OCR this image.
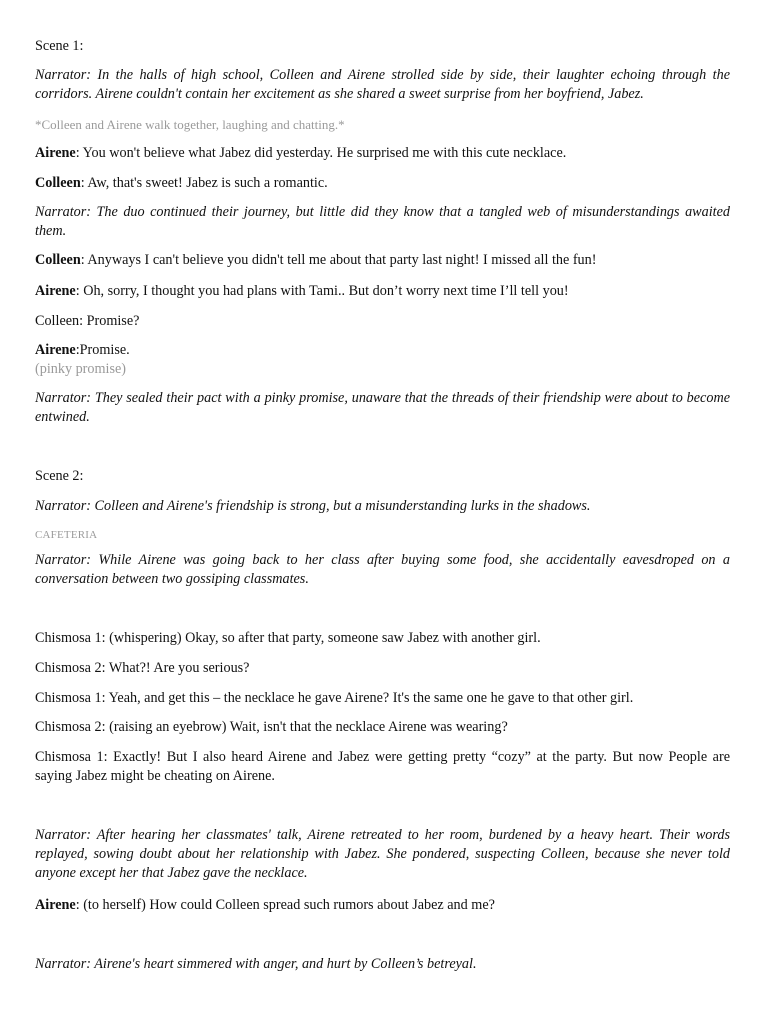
Scene 1:

Narrator: In the halls of high school, Colleen and Airene strolled side by side, their laughter echoing through the corridors. Airene couldn't contain her excitement as she shared a sweet surprise from her boyfriend, Jabez.

*Colleen and Airene walk together, laughing and chatting.*

Airene: You won't believe what Jabez did yesterday. He surprised me with this cute necklace.

Colleen: Aw, that's sweet! Jabez is such a romantic.

Narrator: The duo continued their journey, but little did they know that a tangled web of misunderstandings awaited them.

Colleen: Anyways I can't believe you didn't tell me about that party last night! I missed all the fun!

Airene: Oh, sorry, I thought you had plans with Tami.. But don’t worry next time I’ll tell you!

Colleen: Promise?

Airene:Promise.

(pinky promise)

Narrator: They sealed their pact with a pinky promise, unaware that the threads of their friendship were about to become entwined.

Scene 2:

Narrator: Colleen and Airene's friendship is strong, but a misunderstanding lurks in the shadows.

CAFETERIA

Narrator: While Airene was going back to her class after buying some food, she accidentally eavesdroped on a conversation between two gossiping classmates.

Chismosa 1: (whispering) Okay, so after that party, someone saw Jabez with another girl.

Chismosa 2: What?! Are you serious?

Chismosa 1: Yeah, and get this – the necklace he gave Airene? It's the same one he gave to that other girl.

Chismosa 2: (raising an eyebrow) Wait, isn't that the necklace Airene was wearing?

Chismosa 1: Exactly! But I also heard Airene and Jabez were getting pretty “cozy” at the party. But now People are saying Jabez might be cheating on Airene.

Narrator: After hearing her classmates' talk, Airene retreated to her room, burdened by a heavy heart. Their words replayed, sowing doubt about her relationship with Jabez. She pondered, suspecting Colleen, because she never told anyone except her that Jabez gave the necklace.

Airene: (to herself) How could Colleen spread such rumors about Jabez and me?

Narrator: Airene's heart simmered with anger, and hurt by Colleen’s betreyal.
